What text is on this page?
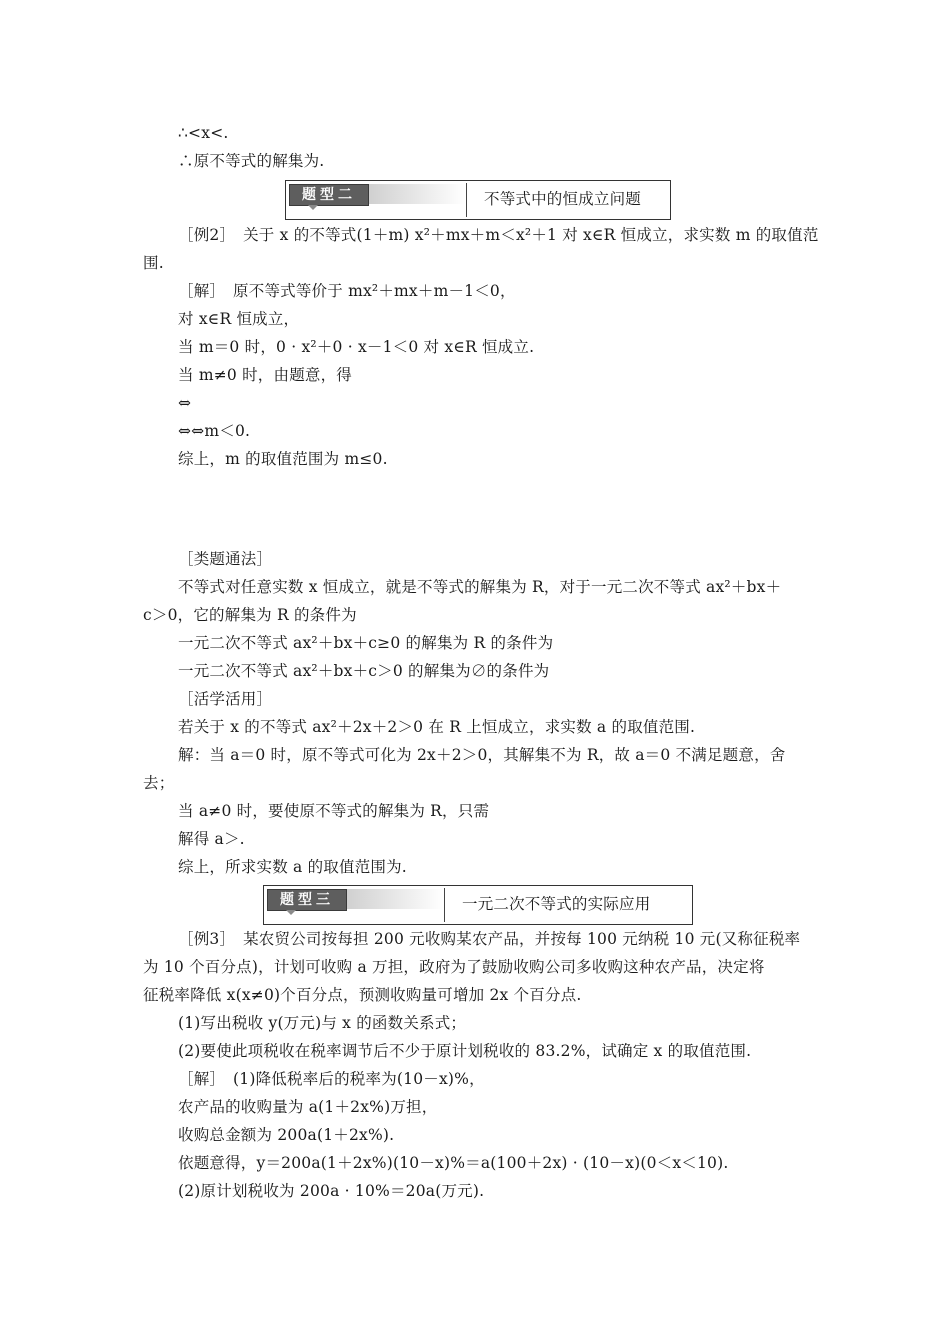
∴<x<.
∴原不等式的解集为.
题型二	不等式中的恒成立问题
［例2］　关于 x 的不等式(1＋m) x²＋mx＋m＜x²＋1 对 x∈R 恒成立，求实数 m 的取值范
围.
［解］　原不等式等价于 mx²＋mx＋m－1＜0，
对 x∈R 恒成立，
当 m＝0 时，0 · x²＋0 · x－1＜0 对 x∈R 恒成立.
当 m≠0 时，由题意，得
⇔
⇔⇔m＜0.
综上，m 的取值范围为 m≤0.
［类题通法］
不等式对任意实数 x 恒成立，就是不等式的解集为 R，对于一元二次不等式 ax²＋bx＋
c＞0，它的解集为 R 的条件为
一元二次不等式 ax²＋bx＋c≥0 的解集为 R 的条件为
一元二次不等式 ax²＋bx＋c＞0 的解集为∅的条件为
［活学活用］
若关于 x 的不等式 ax²＋2x＋2＞0 在 R 上恒成立，求实数 a 的取值范围.
解：当 a＝0 时，原不等式可化为 2x＋2＞0，其解集不为 R，故 a＝0 不满足题意，舍
去；
当 a≠0 时，要使原不等式的解集为 R，只需
解得 a＞.
综上，所求实数 a 的取值范围为.
题型三	一元二次不等式的实际应用
［例3］　某农贸公司按每担 200 元收购某农产品，并按每 100 元纳税 10 元(又称征税率
为 10 个百分点)，计划可收购 a 万担，政府为了鼓励收购公司多收购这种农产品，决定将
征税率降低 x(x≠0)个百分点，预测收购量可增加 2x 个百分点.
(1)写出税收 y(万元)与 x 的函数关系式；
(2)要使此项税收在税率调节后不少于原计划税收的 83.2%，试确定 x 的取值范围.
［解］　(1)降低税率后的税率为(10－x)%，
农产品的收购量为 a(1＋2x%)万担，
收购总金额为 200a(1＋2x%).
依题意得，y＝200a(1＋2x%)(10－x)%＝a(100＋2x) · (10－x)(0＜x＜10).
(2)原计划税收为 200a · 10%＝20a(万元).
